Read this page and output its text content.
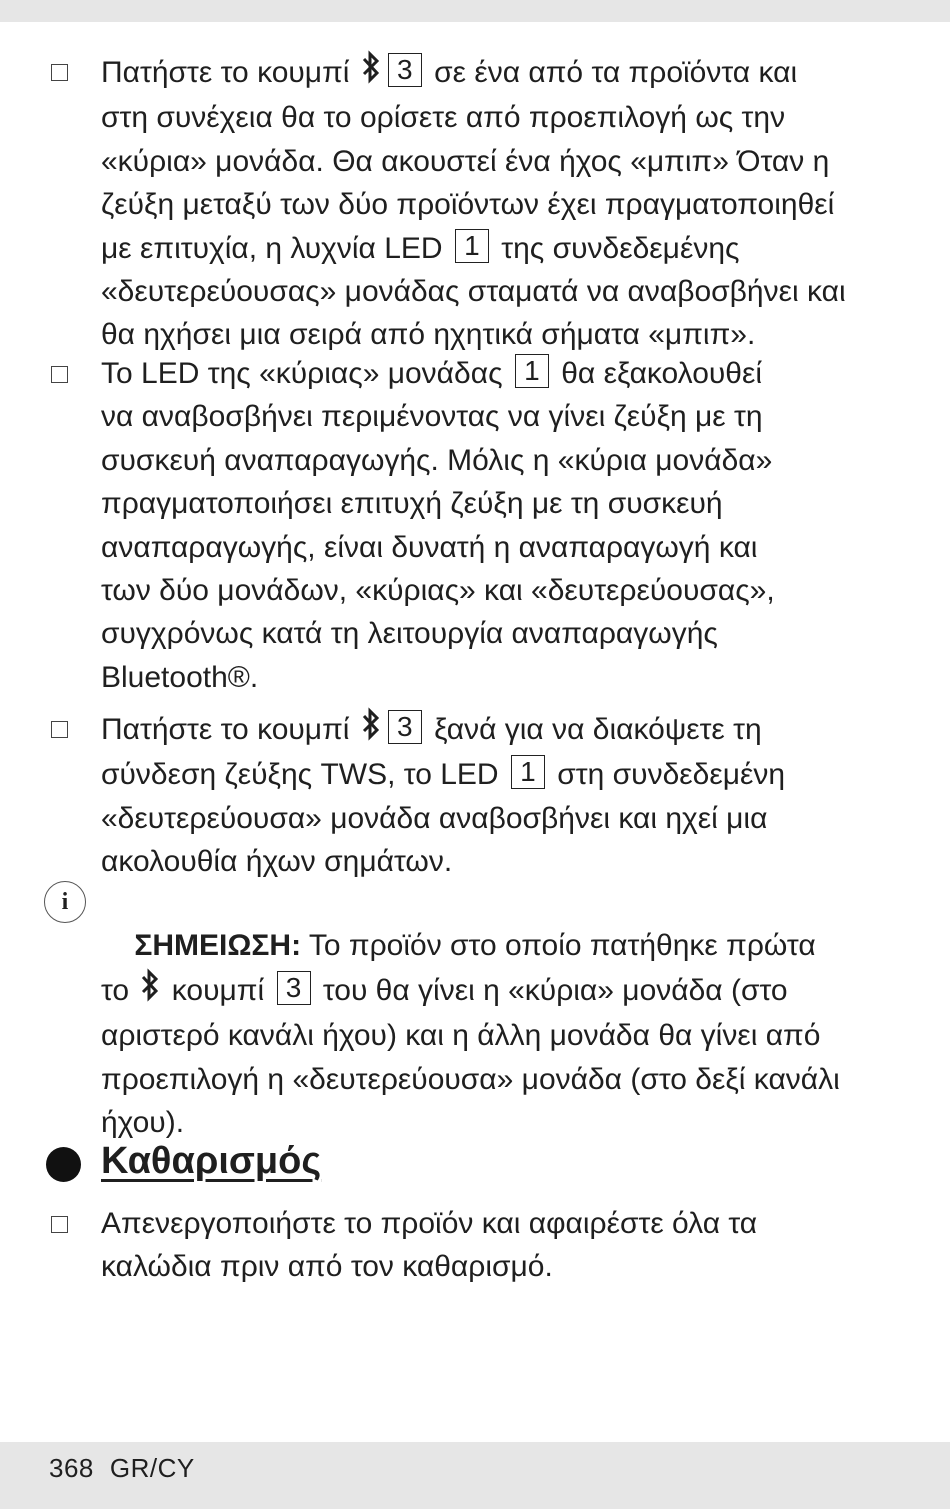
Πατήστε το κουμπί 3 σε ένα από τα προϊόντα και
στη συνέχεια θα το ορίσετε από προεπιλογή ως την
«κύρια» μονάδα. Θα ακουστεί ένα ήχος «μπιπ» Όταν η
ζεύξη μεταξύ των δύο προϊόντων έχει πραγματοποιηθεί
με επιτυχία, η λυχνία LED 1 της συνδεδεμένης
«δευτερεύουσας» μονάδας σταματά να αναβοσβήνει και
θα ηχήσει μια σειρά από ηχητικά σήματα «μπιπ».
Το LED της «κύριας» μονάδας 1 θα εξακολουθεί
να αναβοσβήνει περιμένοντας να γίνει ζεύξη με τη
συσκευή αναπαραγωγής. Μόλις η «κύρια μονάδα»
πραγματοποιήσει επιτυχή ζεύξη με τη συσκευή
αναπαραγωγής, είναι δυνατή η αναπαραγωγή και
των δύο μονάδων, «κύριας» και «δευτερεύουσας»,
συγχρόνως κατά τη λειτουργία αναπαραγωγής
Bluetooth®.
Πατήστε το κουμπί 3 ξανά για να διακόψετε τη
σύνδεση ζεύξης TWS, το LED 1 στη συνδεδεμένη
«δευτερεύουσα» μονάδα αναβοσβήνει και ηχεί μια
ακολουθία ήχων σημάτων.
i

ΣΗΜΕΙΩΣΗ: Το προϊόν στο οποίο πατήθηκε πρώτα
το  κουμπί 3 του θα γίνει η «κύρια» μονάδα (στο
αριστερό κανάλι ήχου) και η άλλη μονάδα θα γίνει από
προεπιλογή η «δευτερεύουσα» μονάδα (στο δεξί κανάλι
ήχου).

Καθαρισμός
Απενεργοποιήστε το προϊόν και αφαιρέστε όλα τα
καλώδια πριν από τον καθαρισμό.
368 GR/CY
